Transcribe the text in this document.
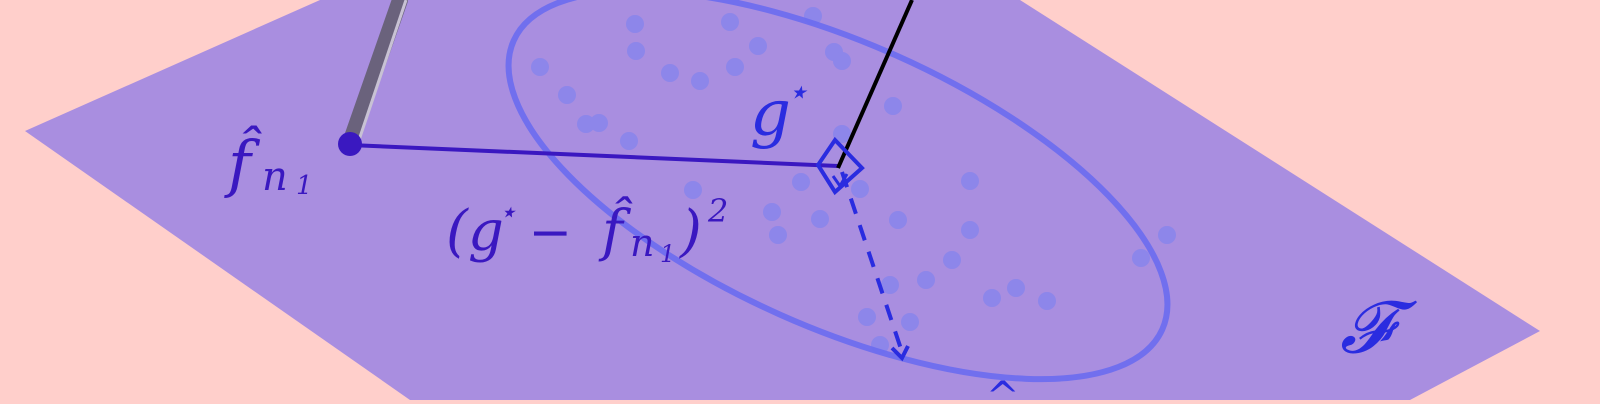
f̂ n 1
g
⋆
( g
⋆
− f̂ n 1 ) 2
𝓕
^
